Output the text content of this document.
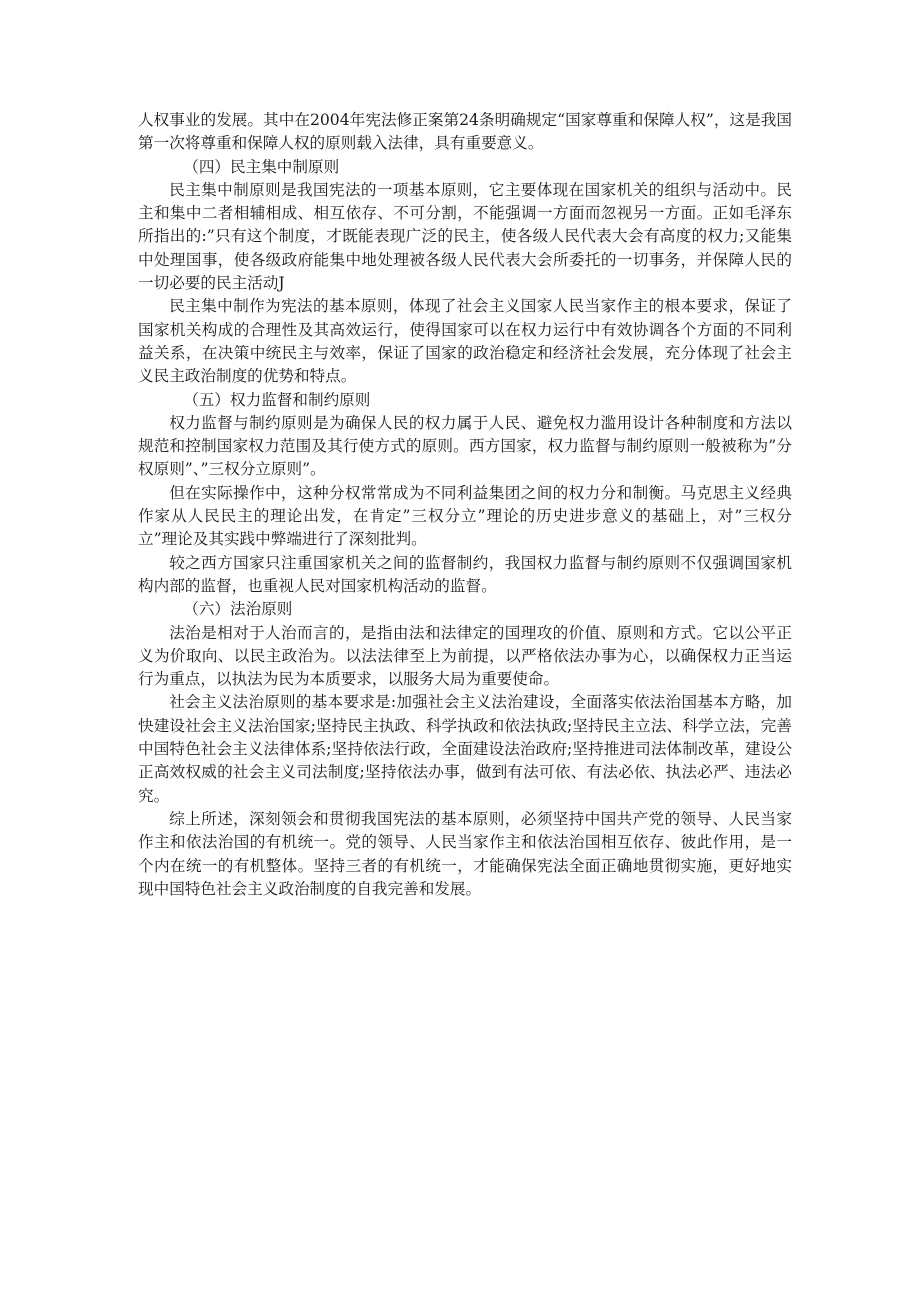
人权事业的发展。其中在2004年宪法修正案第24条明确规定“国家尊重和保障人权”，这是我国第一次将尊重和保障人权的原则载入法律，具有重要意义。

（四）民主集中制原则

民主集中制原则是我国宪法的一项基本原则，它主要体现在国家机关的组织与活动中。民主和集中二者相辅相成、相互依存、不可分割，不能强调一方面而忽视另一方面。正如毛泽东所指出的:”只有这个制度，才既能表现广泛的民主，使各级人民代表大会有高度的权力;又能集中处理国事，使各级政府能集中地处理被各级人民代表大会所委托的一切事务，并保障人民的一切必要的民主活动J

民主集中制作为宪法的基本原则，体现了社会主义国家人民当家作主的根本要求，保证了国家机关构成的合理性及其高效运行，使得国家可以在权力运行中有效协调各个方面的不同利益关系，在决策中统民主与效率，保证了国家的政治稳定和经济社会发展，充分体现了社会主义民主政治制度的优势和特点。

（五）权力监督和制约原则

权力监督与制约原则是为确保人民的权力属于人民、避免权力滥用设计各种制度和方法以规范和控制国家权力范围及其行使方式的原则。西方国家，权力监督与制约原则一般被称为”分权原则”、”三权分立原则”。

但在实际操作中，这种分权常常成为不同利益集团之间的权力分和制衡。马克思主义经典作家从人民民主的理论出发，在肯定”三权分立”理论的历史进步意义的基础上，对”三权分立”理论及其实践中弊端进行了深刻批判。

较之西方国家只注重国家机关之间的监督制约，我国权力监督与制约原则不仅强调国家机构内部的监督，也重视人民对国家机构活动的监督。

（六）法治原则

法治是相对于人治而言的，是指由法和法律定的国理攻的价值、原则和方式。它以公平正义为价取向、以民主政治为。以法法律至上为前提，以严格依法办事为心，以确保权力正当运行为重点，以执法为民为本质要求，以服务大局为重要使命。

社会主义法治原则的基本要求是:加强社会主义法治建设，全面落实依法治国基本方略，加快建设社会主义法治国家;坚持民主执政、科学执政和依法执政;坚持民主立法、科学立法，完善中国特色社会主义法律体系;坚持依法行政，全面建设法治政府;坚持推进司法体制改革，建设公正高效权威的社会主义司法制度;坚持依法办事，做到有法可依、有法必依、执法必严、违法必究。

综上所述，深刻领会和贯彻我国宪法的基本原则，必须坚持中国共产党的领导、人民当家作主和依法治国的有机统一。党的领导、人民当家作主和依法治国相互依存、彼此作用，是一个内在统一的有机整体。坚持三者的有机统一，才能确保宪法全面正确地贯彻实施，更好地实现中国特色社会主义政治制度的自我完善和发展。
